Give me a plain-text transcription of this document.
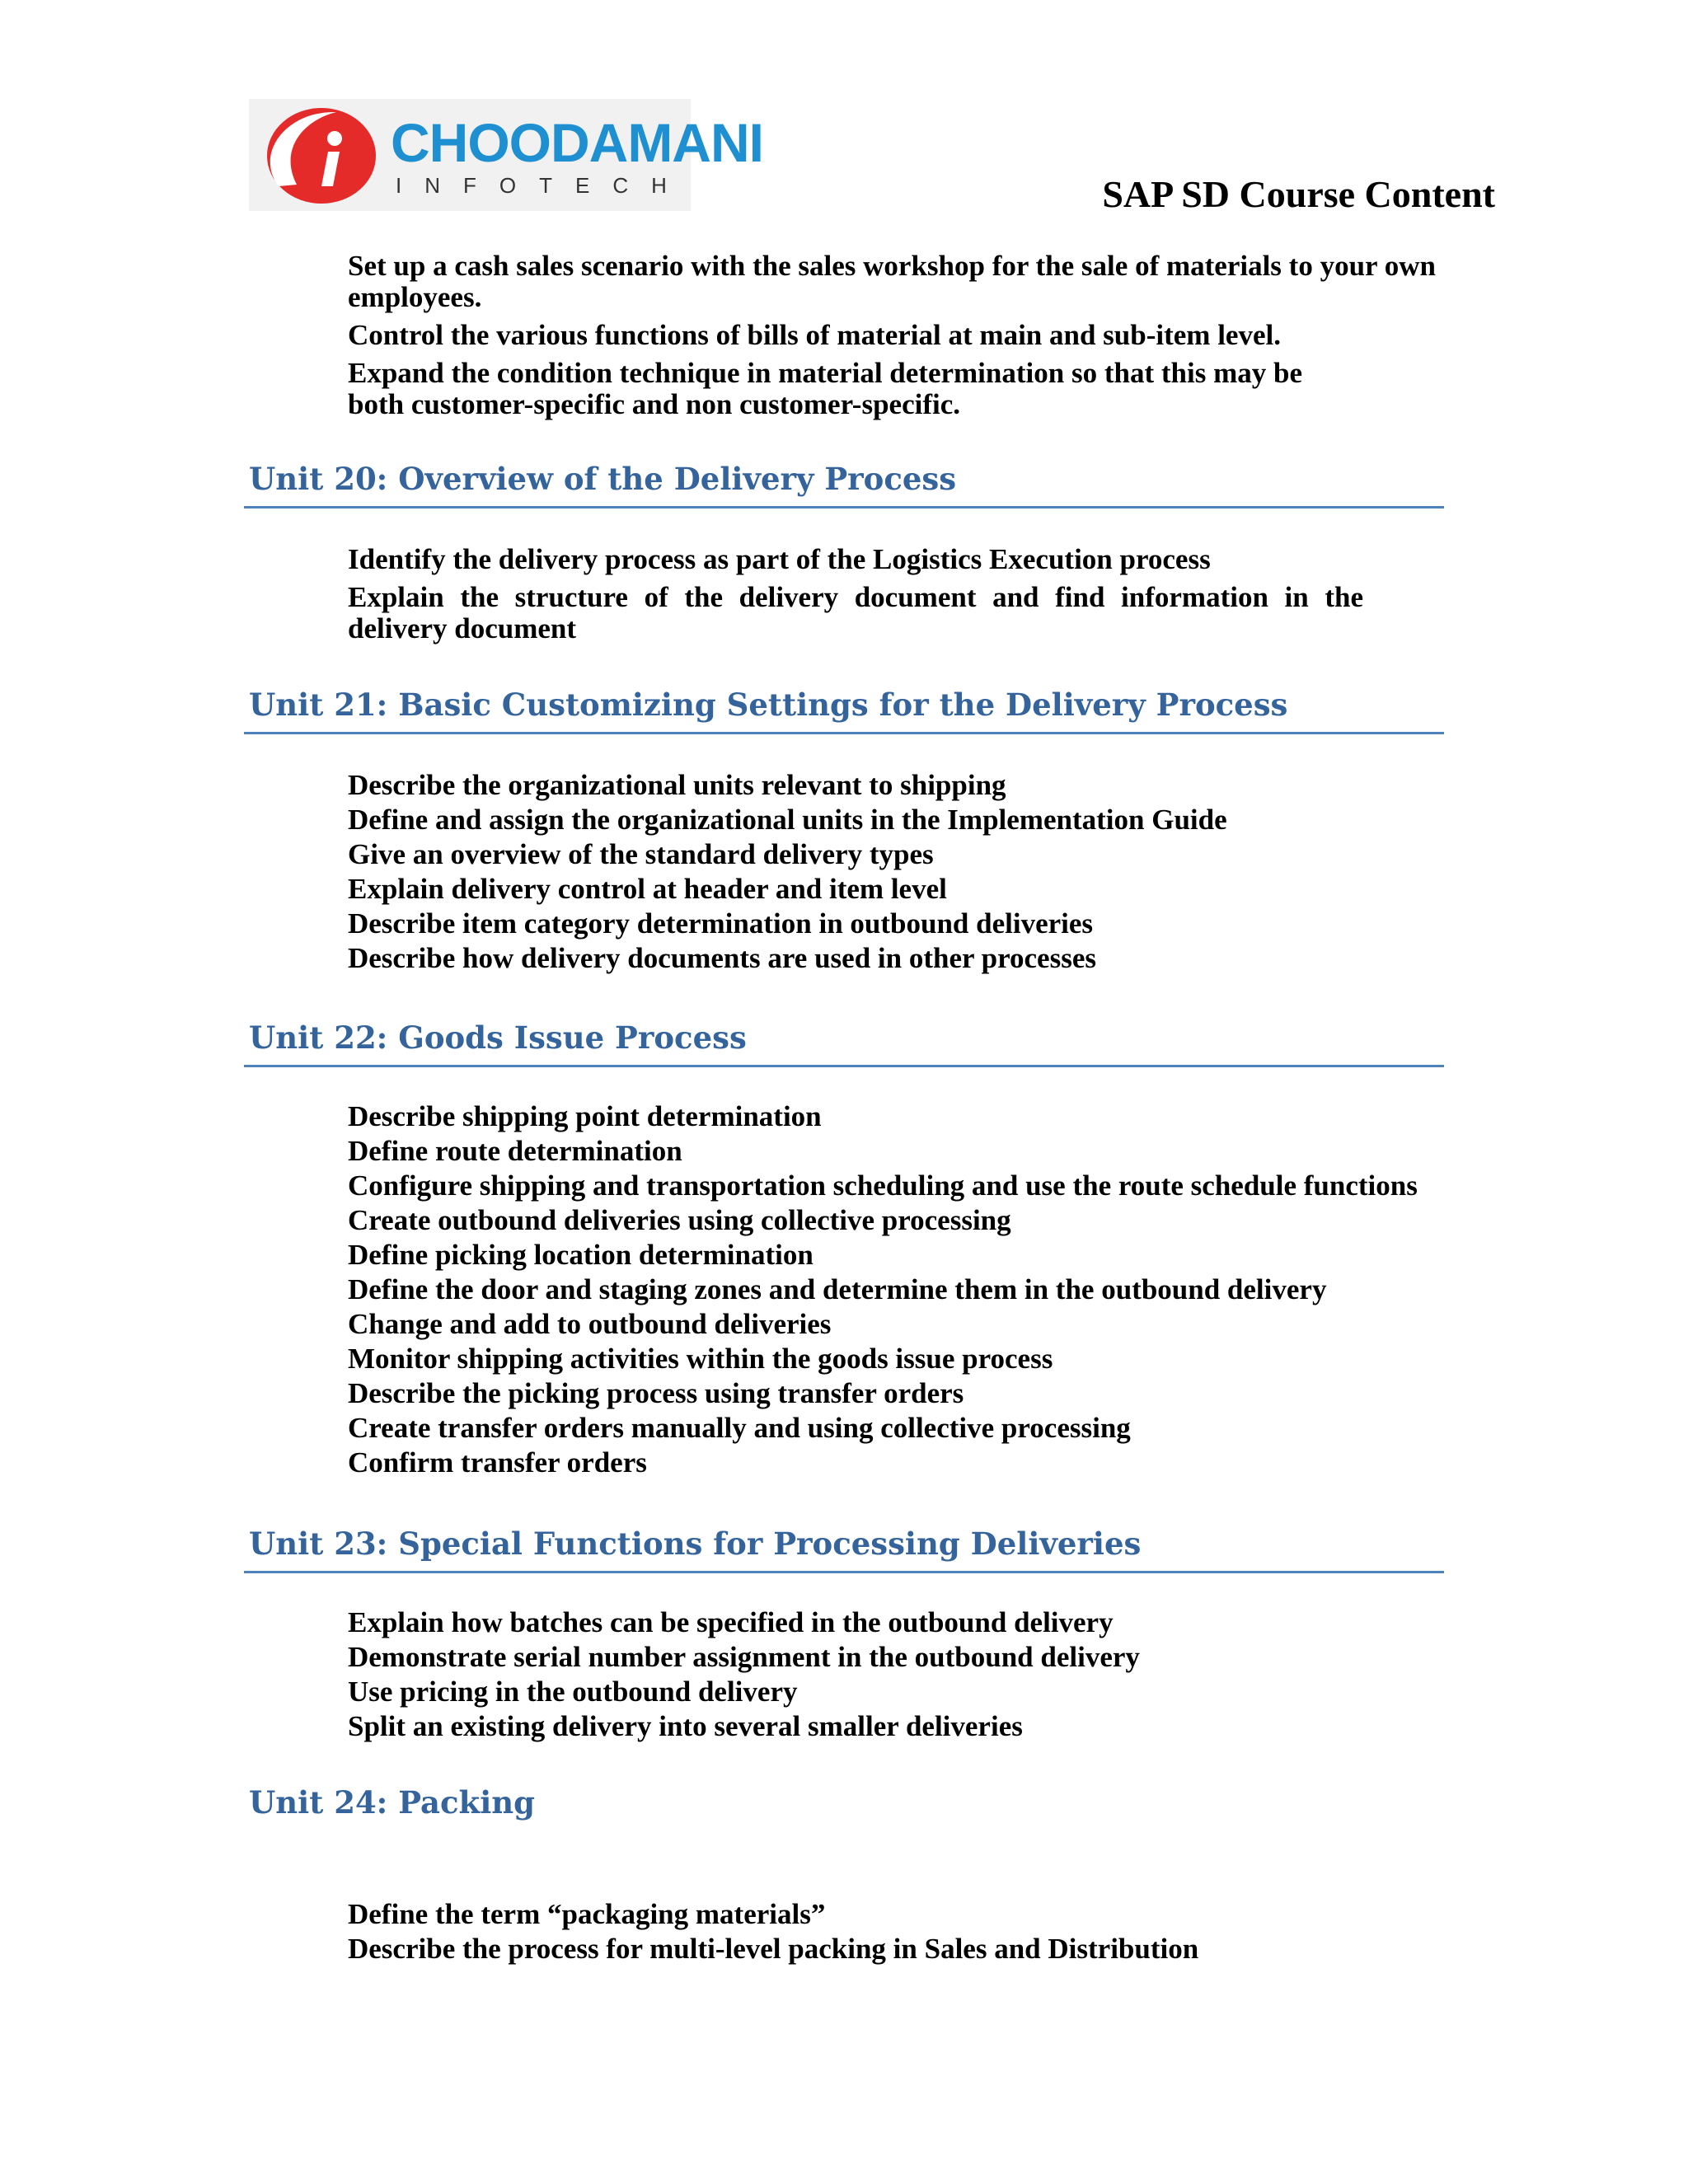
CHOODAMANI
INFOTECH	SAP SD Course Content
Set up a cash sales scenario with the sales workshop for the sale of materials to your own employees.
Control the various functions of bills of material at main and sub-item level.
Expand the condition technique in material determination so that this may be both customer-specific and non customer-specific.
Unit 20: Overview of the Delivery Process
Identify the delivery process as part of the Logistics Execution process
Explain the structure of the delivery document and find information in the delivery document
Unit 21: Basic Customizing Settings for the Delivery Process
Describe the organizational units relevant to shipping
Define and assign the organizational units in the Implementation Guide
Give an overview of the standard delivery types
Explain delivery control at header and item level
Describe item category determination in outbound deliveries
Describe how delivery documents are used in other processes
Unit 22: Goods Issue Process
Describe shipping point determination
Define route determination
Configure shipping and transportation scheduling and use the route schedule functions
Create outbound deliveries using collective processing
Define picking location determination
Define the door and staging zones and determine them in the outbound delivery
Change and add to outbound deliveries
Monitor shipping activities within the goods issue process
Describe the picking process using transfer orders
Create transfer orders manually and using collective processing
Confirm transfer orders
Unit 23: Special Functions for Processing Deliveries
Explain how batches can be specified in the outbound delivery
Demonstrate serial number assignment in the outbound delivery
Use pricing in the outbound delivery
Split an existing delivery into several smaller deliveries
Unit 24: Packing
Define the term “packaging materials”
Describe the process for multi-level packing in Sales and Distribution
